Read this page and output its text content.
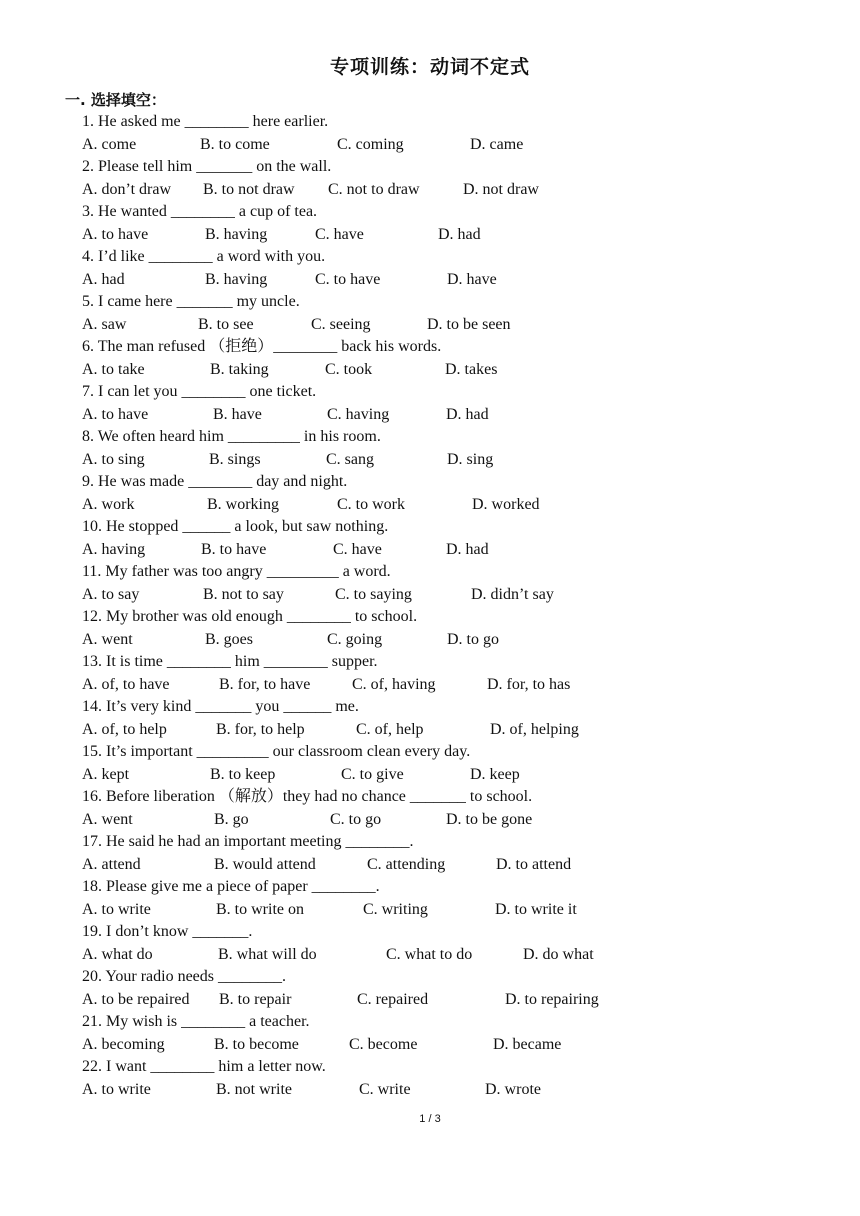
专项训练：动词不定式
一. 选择填空：
1. He asked me ________ here earlier.
A. come	B. to come	C. coming	D. came
2. Please tell him _______ on the wall.
A. don’t draw B. to not draw C. not to draw	D. not draw
3. He wanted ________ a cup of tea.
A. to have	B. having	C. have	D. had
4. I’d like ________ a word with you.
A. had	B. having	C. to have	D. have
5. I came here _______ my uncle.
A. saw	B. to see	C. seeing	D. to be seen
6. The man refused （拒绝）________ back his words.
A. to take	B. taking	C. took	D. takes
7. I can let you ________ one ticket.
A. to have	B. have	C. having	D. had
8. We often heard him _________ in his room.
A. to sing	B. sings	C. sang	D. sing
9. He was made ________ day and night.
A. work	B. working	C. to work	D. worked
10. He stopped ______ a look, but saw nothing.
A. having	B. to have	C. have	D. had
11. My father was too angry _________ a word.
A. to say	B. not to say	C. to saying	D. didn’t say
12. My brother was old enough ________ to school.
A. went	B. goes	C. going	D. to go
13. It is time ________ him ________ supper.
A. of, to have	B. for, to have	C. of, having	D. for, to has
14. It’s very kind _______ you ______ me.
A. of, to help	B. for, to help	C. of, help	D. of, helping
15. It’s important _________ our classroom clean every day.
A. kept	B. to keep	C. to give	D. keep
16. Before liberation （解放）they had no chance _______ to school.
A. went	B. go	C. to go	D. to be gone
17. He said he had an important meeting ________.
A. attend	B. would attend	C. attending	D. to attend
18. Please give me a piece of paper ________.
A. to write	B. to write on	C. writing	D. to write it
19. I don’t know _______.
A. what do	B. what will do	C. what to do	D. do what
20. Your radio needs ________.
A. to be repaired B. to repair	C. repaired	D. to repairing
21. My wish is ________ a teacher.
A. becoming	B. to become	C. become	D. became
22. I want ________ him a letter now.
A. to write	B. not write	C. write	D. wrote
1 / 3
